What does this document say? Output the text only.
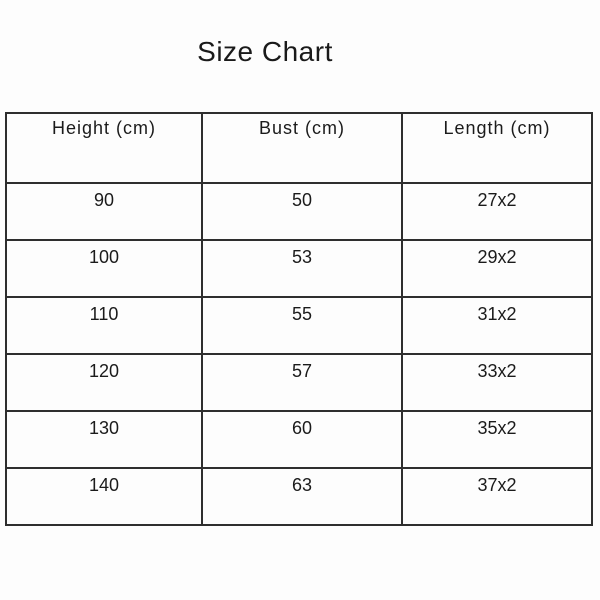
Size Chart
Height (cm)	Bust (cm)	Length (cm)
90	50	27x2
100	53	29x2
110	55	31x2
120	57	33x2
130	60	35x2
140	63	37x2
